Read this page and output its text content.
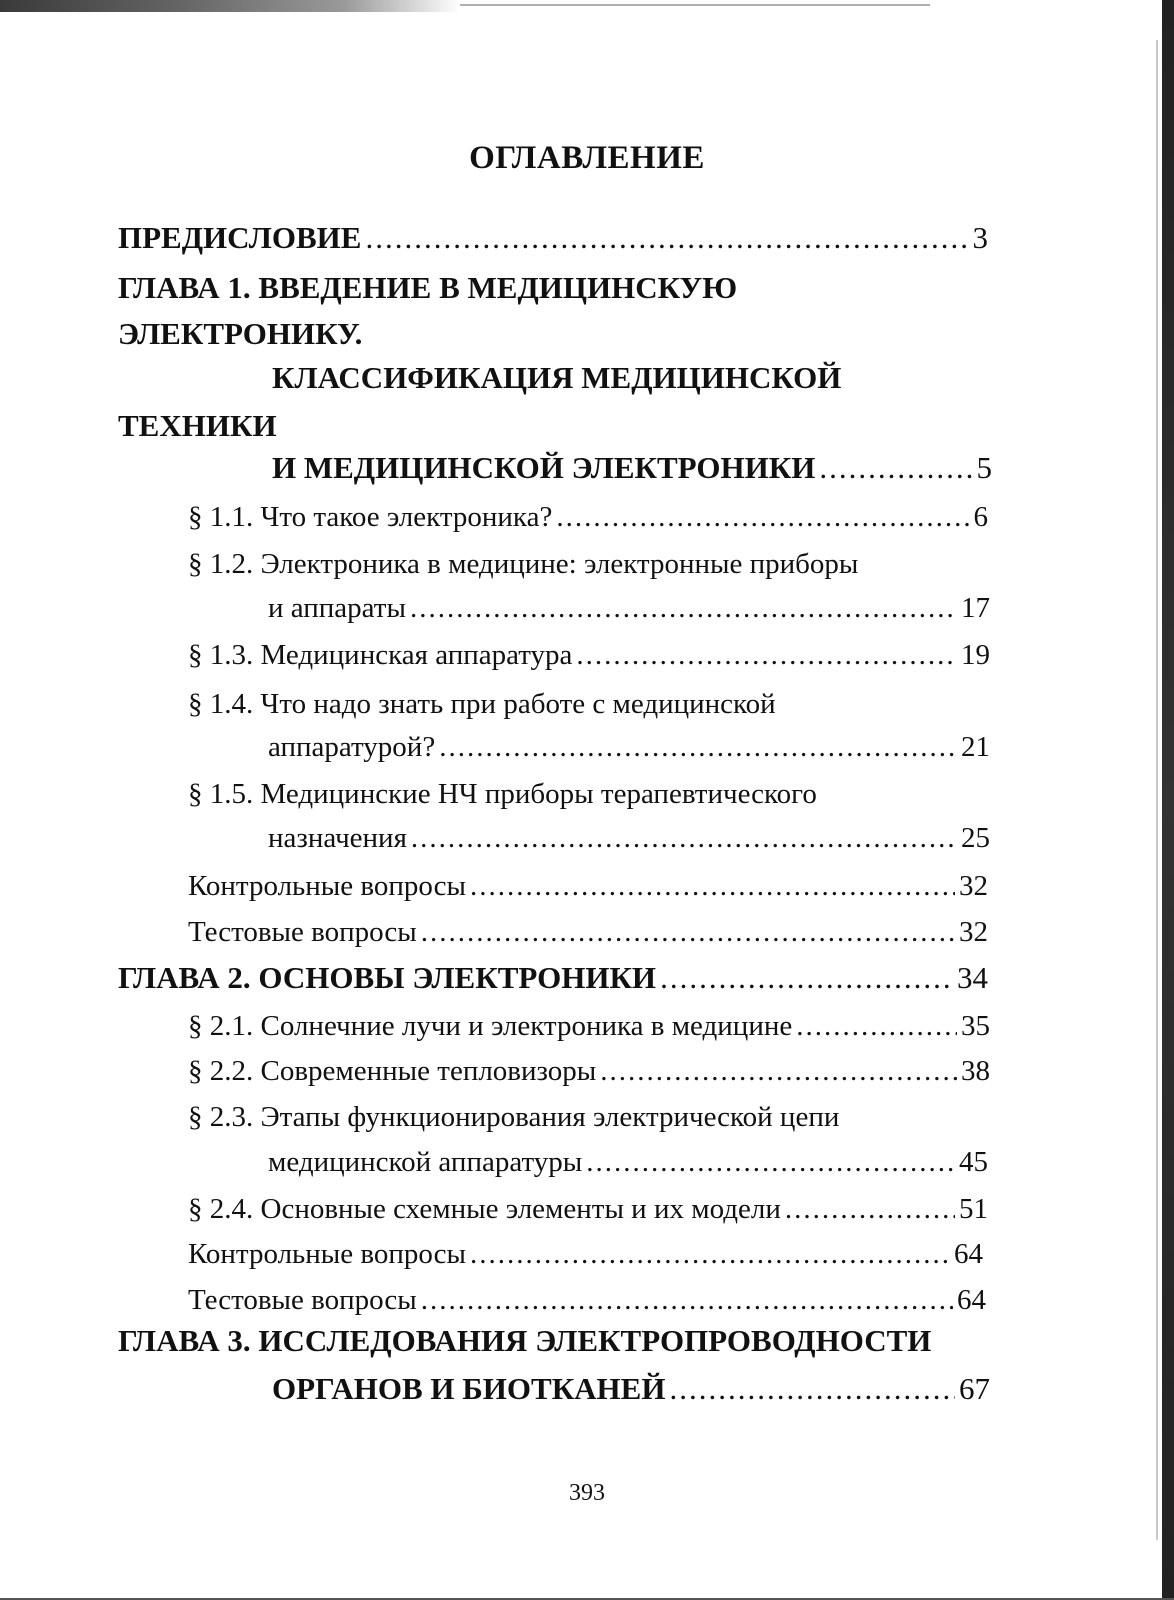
ОГЛАВЛЕНИЕ
ПРЕДИСЛОВИЕ .....	3
ГЛАВА 1. ВВЕДЕНИЕ В МЕДИЦИНСКУЮ
ЭЛЕКТРОНИКУ.
КЛАССИФИКАЦИЯ МЕДИЦИНСКОЙ
ТЕХНИКИ
И МЕДИЦИНСКОЙ ЭЛЕКТРОНИКИ .....	5
§ 1.1. Что такое электроника? .....	6
§ 1.2. Электроника в медицине: электронные приборы
и аппараты .....	17
§ 1.3. Медицинская аппаратура .....	19
§ 1.4. Что надо знать при работе с медицинской
аппаратурой? .....	21
§ 1.5. Медицинские НЧ приборы терапевтического
назначения .....	25
Контрольные вопросы .....	32
Тестовые вопросы .....	32
ГЛАВА 2. ОСНОВЫ ЭЛЕКТРОНИКИ .....	34
§ 2.1. Солнечние лучи и электроника в медицине .....	35
§ 2.2. Современные тепловизоры .....	38
§ 2.3. Этапы функционирования электрической цепи
медицинской аппаратуры .....	45
§ 2.4. Основные схемные элементы и их модели .....	51
Контрольные вопросы .....	64
Тестовые вопросы .....	64
ГЛАВА 3. ИССЛЕДОВАНИЯ ЭЛЕКТРОПРОВОДНОСТИ
ОРГАНОВ И БИОТКАНЕЙ .....	67
393
